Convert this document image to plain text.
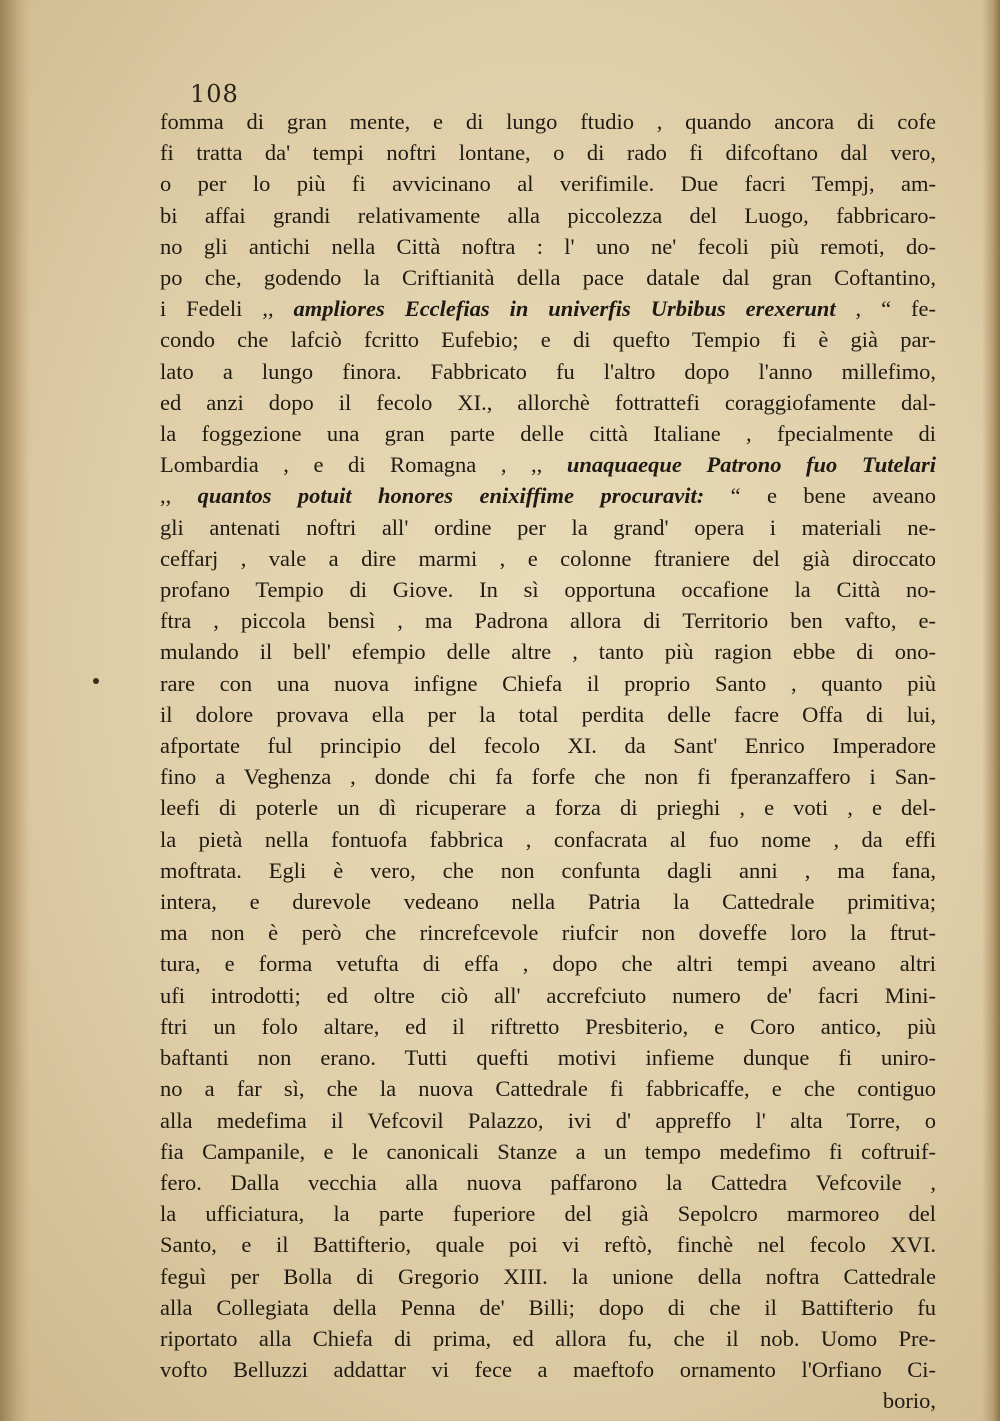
108
fomma di gran mente, e di lungo ftudio , quando ancora di cofe
fi tratta da' tempi noftri lontane, o di rado fi difcoftano dal vero,
o per lo più fi avvicinano al verifimile. Due facri Tempj, am-
bi affai grandi relativamente alla piccolezza del Luogo, fabbricaro-
no gli antichi nella Città noftra : l' uno ne' fecoli più remoti, do-
po che, godendo la Criftianità della pace datale dal gran Coftantino,
i Fedeli ,, ampliores Ecclefias in univerfis Urbibus erexerunt , “ fe-
condo che lafciò fcritto Eufebio; e di quefto Tempio fi è già par-
lato a lungo finora. Fabbricato fu l'altro dopo l'anno millefimo,
ed anzi dopo il fecolo XI., allorchè fottrattefi coraggiofamente dal-
la foggezione una gran parte delle città Italiane , fpecialmente di
Lombardia , e di Romagna , ,, unaquaeque Patrono fuo Tutelari
,, quantos potuit honores enixiffime procuravit: “ e bene aveano
gli antenati noftri all' ordine per la grand' opera i materiali ne-
ceffarj , vale a dire marmi , e colonne ftraniere del già diroccato
profano Tempio di Giove. In sì opportuna occafione la Città no-
ftra , piccola bensì , ma Padrona allora di Territorio ben vafto, e-
mulando il bell' efempio delle altre , tanto più ragion ebbe di ono-
rare con una nuova infigne Chiefa il proprio Santo , quanto più
il dolore provava ella per la total perdita delle facre Offa di lui,
afportate ful principio del fecolo XI. da Sant' Enrico Imperadore
fino a Veghenza , donde chi fa forfe che non fi fperanzaffero i San-
leefi di poterle un dì ricuperare a forza di prieghi , e voti , e del-
la pietà nella fontuofa fabbrica , confacrata al fuo nome , da effi
moftrata. Egli è vero, che non confunta dagli anni , ma fana,
intera, e durevole vedeano nella Patria la Cattedrale primitiva;
ma non è però che rincrefcevole riufcir non doveffe loro la ftrut-
tura, e forma vetufta di effa , dopo che altri tempi aveano altri
ufi introdotti; ed oltre ciò all' accrefciuto numero de' facri Mini-
ftri un folo altare, ed il riftretto Presbiterio, e Coro antico, più
baftanti non erano. Tutti quefti motivi infieme dunque fi uniro-
no a far sì, che la nuova Cattedrale fi fabbricaffe, e che contiguo
alla medefima il Vefcovil Palazzo, ivi d' appreffo l' alta Torre, o
fia Campanile, e le canonicali Stanze a un tempo medefimo fi coftruif-
fero. Dalla vecchia alla nuova paffarono la Cattedra Vefcovile ,
la ufficiatura, la parte fuperiore del già Sepolcro marmoreo del
Santo, e il Battifterio, quale poi vi reftò, finchè nel fecolo XVI.
feguì per Bolla di Gregorio XIII. la unione della noftra Cattedrale
alla Collegiata della Penna de' Billi; dopo di che il Battifterio fu
riportato alla Chiefa di prima, ed allora fu, che il nob. Uomo Pre-
vofto Belluzzi addattar vi fece a maeftofo ornamento l'Orfiano Ci-
borio,
